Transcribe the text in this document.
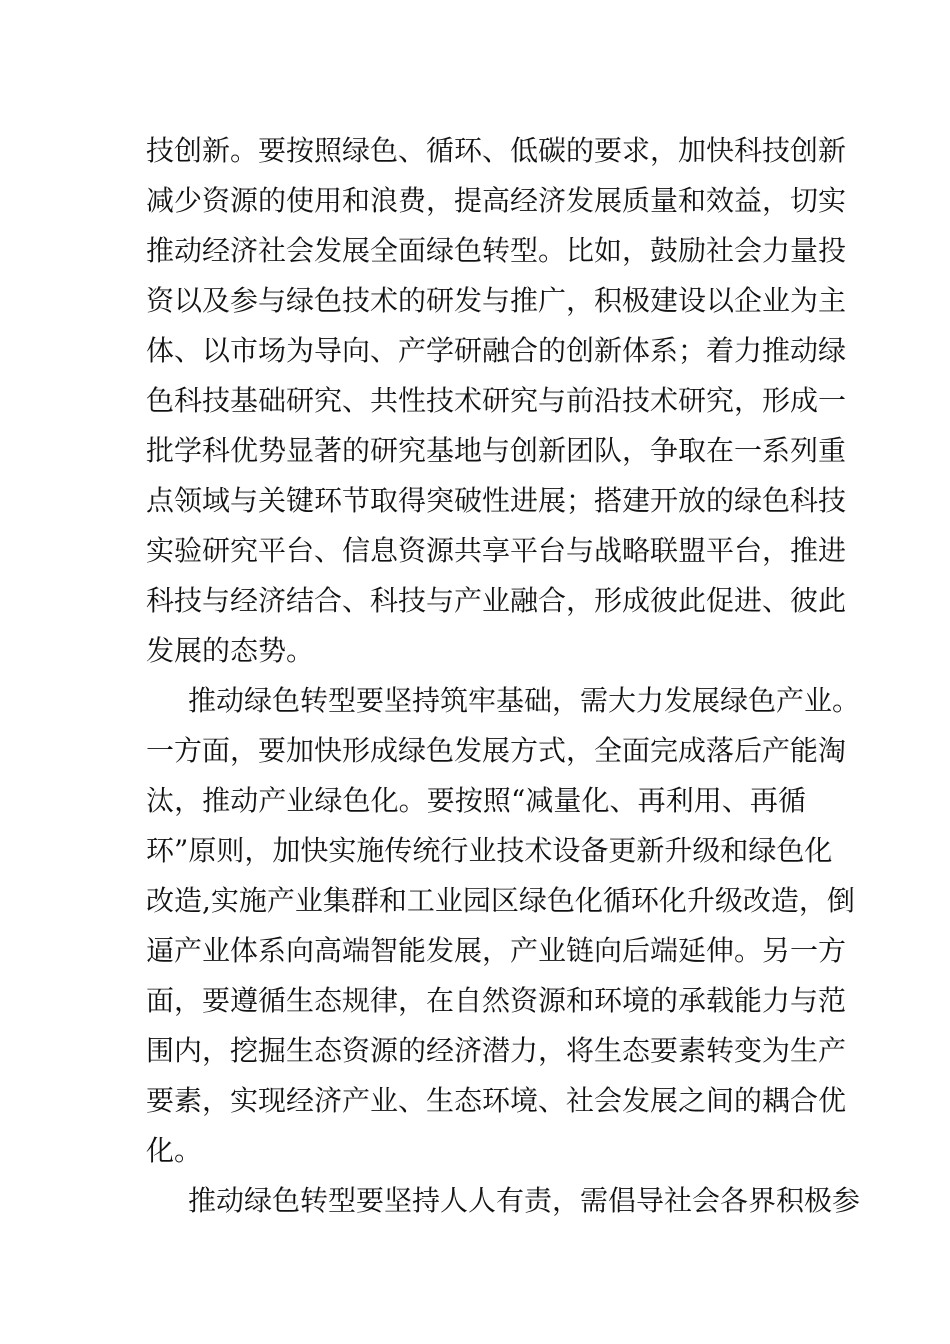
技创新。要按照绿色、循环、低碳的要求，加快科技创新
减少资源的使用和浪费，提高经济发展质量和效益，切实
推动经济社会发展全面绿色转型。比如，鼓励社会力量投
资以及参与绿色技术的研发与推广，积极建设以企业为主
体、以市场为导向、产学研融合的创新体系；着力推动绿
色科技基础研究、共性技术研究与前沿技术研究，形成一
批学科优势显著的研究基地与创新团队，争取在一系列重
点领域与关键环节取得突破性进展；搭建开放的绿色科技
实验研究平台、信息资源共享平台与战略联盟平台，推进
科技与经济结合、科技与产业融合，形成彼此促进、彼此
发展的态势。
推动绿色转型要坚持筑牢基础，需大力发展绿色产业。
一方面，要加快形成绿色发展方式，全面完成落后产能淘
汰，推动产业绿色化。要按照“减量化、再利用、再循
环”原则，加快实施传统行业技术设备更新升级和绿色化
改造,实施产业集群和工业园区绿色化循环化升级改造，倒
逼产业体系向高端智能发展，产业链向后端延伸。另一方
面，要遵循生态规律，在自然资源和环境的承载能力与范
围内，挖掘生态资源的经济潜力，将生态要素转变为生产
要素，实现经济产业、生态环境、社会发展之间的耦合优
化。
推动绿色转型要坚持人人有责，需倡导社会各界积极参
